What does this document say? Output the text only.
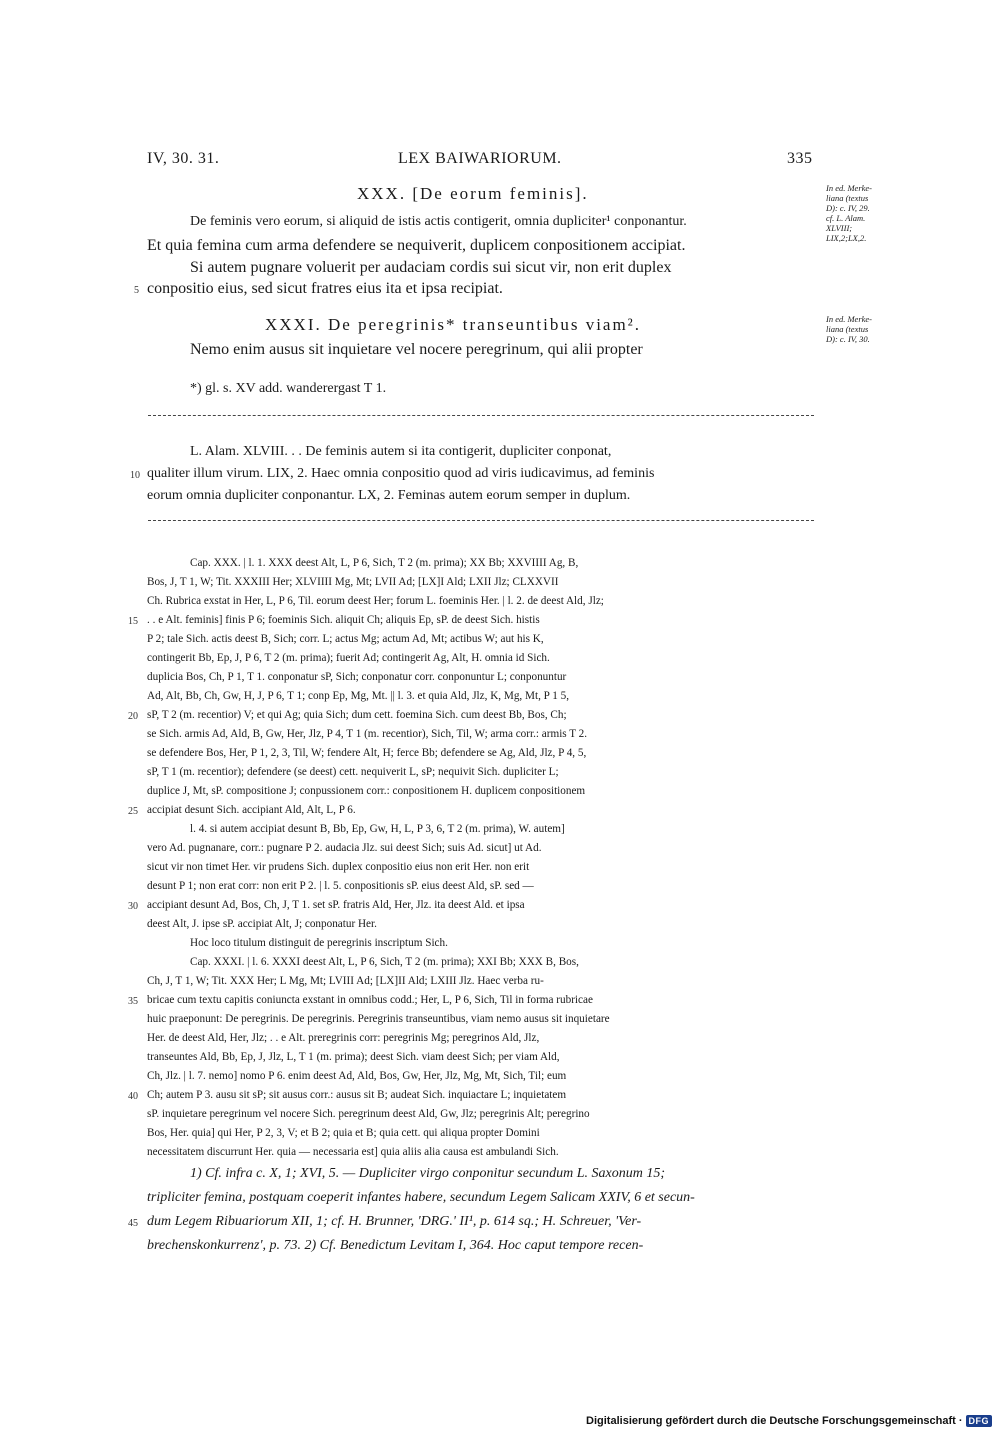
IV, 30. 31.	LEX BAIWARIORUM.	335
XXX. [De eorum feminis].	In ed. Merke-
liana (textus
D): c. IV, 29.
cf. L. Alam.
XLVIII;
LIX,2;LX,2.
De feminis vero eorum, si aliquid de istis actis contigerit, omnia dupliciter¹ conponantur.
Et quia femina cum arma defendere se nequiverit, duplicem conpositionem accipiat.
Si autem pugnare voluerit per audaciam cordis sui sicut vir, non erit duplex
conpositio eius, sed sicut fratres eius ita et ipsa recipiat.
5
XXXI. De peregrinis* transeuntibus viam².	In ed. Merke-
liana (textus
D): c. IV, 30.
Nemo enim ausus sit inquietare vel nocere peregrinum, qui alii propter
*) gl. s. XV add. wanderergast T 1.
L. Alam. XLVIII. . . De feminis autem si ita contigerit, dupliciter conponat,
10 qualiter illum virum. LIX, 2. Haec omnia conpositio quod ad viris iudicavimus, ad feminis
eorum omnia dupliciter conponantur. LX, 2. Feminas autem eorum semper in duplum.
Cap. XXX. | l. 1. XXX deest Alt, L, P 6, Sich, T 2 (m. prima); XX Bb; XXVIIII Ag, B,
Bos, J, T 1, W; Tit. XXXIII Her; XLVIIII Mg, Mt; LVII Ad; [LX]I Ald; LXII Jlz; CLXXVII
Ch. Rubrica exstat in Her, L, P 6, Til. eorum deest Her; forum L. foeminis Her. | l. 2. de deest Ald, Jlz;
. . e Alt. feminis] finis P 6; foeminis Sich. aliquit Ch; aliquis Ep, sP. de deest Sich. histis
P 2; tale Sich. actis deest B, Sich; corr. L; actus Mg; actum Ad, Mt; actibus W; aut his K,
contingerit Bb, Ep, J, P 6, T 2 (m. prima); fuerit Ad; contingerit Ag, Alt, H. omnia id Sich.
duplicia Bos, Ch, P 1, T 1. conponatur sP, Sich; conponatur corr. conponuntur L; conponuntur
Ad, Alt, Bb, Ch, Gw, H, J, P 6, T 1; conp Ep, Mg, Mt. || l. 3. et quia Ald, Jlz, K, Mg, Mt, P 1 5,
sP, T 2 (m. recentior) V; et qui Ag; quia Sich; dum cett. foemina Sich. cum deest Bb, Bos, Ch;
se Sich. armis Ad, Ald, B, Gw, Her, Jlz, P 4, T 1 (m. recentior), Sich, Til, W; arma corr.: armis T 2.
se defendere Bos, Her, P 1, 2, 3, Til, W; fendere Alt, H; ferce Bb; defendere se Ag, Ald, Jlz, P 4, 5,
sP, T 1 (m. recentior); defendere (se deest) cett. nequiverit L, sP; nequivit Sich. dupliciter L;
duplice J, Mt, sP. compositione J; conpussionem corr.: conpositionem H. duplicem conpositionem
accipiat desunt Sich. accipiant Ald, Alt, L, P 6.
l. 4. si autem accipiat desunt B, Bb, Ep, Gw, H, L, P 3, 6, T 2 (m. prima), W. autem]
vero Ad. pugnanare, corr.: pugnare P 2. audacia Jlz. sui deest Sich; suis Ad. sicut] ut Ad.
sicut vir non timet Her. vir prudens Sich. duplex conpositio eius non erit Her. non erit
desunt P 1; non erat corr: non erit P 2. | l. 5. conpositionis sP. eius deest Ald, sP. sed —
accipiant desunt Ad, Bos, Ch, J, T 1. set sP. fratris Ald, Her, Jlz. ita deest Ald. et ipsa
deest Alt, J. ipse sP. accipiat Alt, J; conponatur Her.
Hoc loco titulum distinguit de peregrinis inscriptum Sich.
Cap. XXXI. | l. 6. XXXI deest Alt, L, P 6, Sich, T 2 (m. prima); XXI Bb; XXX B, Bos,
Ch, J, T 1, W; Tit. XXX Her; L Mg, Mt; LVIII Ad; [LX]II Ald; LXIII Jlz. Haec verba ru-
bricae cum textu capitis coniuncta exstant in omnibus codd.; Her, L, P 6, Sich, Til in forma rubricae
huic praeponunt: De peregrinis. De peregrinis. Peregrinis transeuntibus, viam nemo ausus sit inquietare
Her. de deest Ald, Her, Jlz; . . e Alt. preregrinis corr: peregrinis Mg; peregrinos Ald, Jlz,
transeuntes Ald, Bb, Ep, J, Jlz, L, T 1 (m. prima); deest Sich. viam deest Sich; per viam Ald,
Ch, Jlz. | l. 7. nemo] nomo P 6. enim deest Ad, Ald, Bos, Gw, Her, Jlz, Mg, Mt, Sich, Til; eum
Ch; autem P 3. ausu sit sP; sit ausus corr.: ausus sit B; audeat Sich. inquiactare L; inquietatem
sP. inquietare peregrinum vel nocere Sich. peregrinum deest Ald, Gw, Jlz; peregrinis Alt; peregrino
Bos, Her. quia] qui Her, P 2, 3, V; et B 2; quia et B; quia cett. qui aliqua propter Domini
necessitatem discurrunt Her. quia — necessaria est] quia aliis alia causa est ambulandi Sich.
15
20
25
30
35
40
45
1) Cf. infra c. X, 1; XVI, 5. — Dupliciter virgo conponitur secundum L. Saxonum 15;
tripliciter femina, postquam coeperit infantes habere, secundum Legem Salicam XXIV, 6 et secun-
dum Legem Ribuariorum XII, 1; cf. H. Brunner, 'DRG.' II¹, p. 614 sq.; H. Schreuer, 'Ver-
brechenskonkurrenz', p. 73. 2) Cf. Benedictum Levitam I, 364. Hoc caput tempore recen-
Digitalisierung gefördert durch die Deutsche Forschungsgemeinschaft · DFG
